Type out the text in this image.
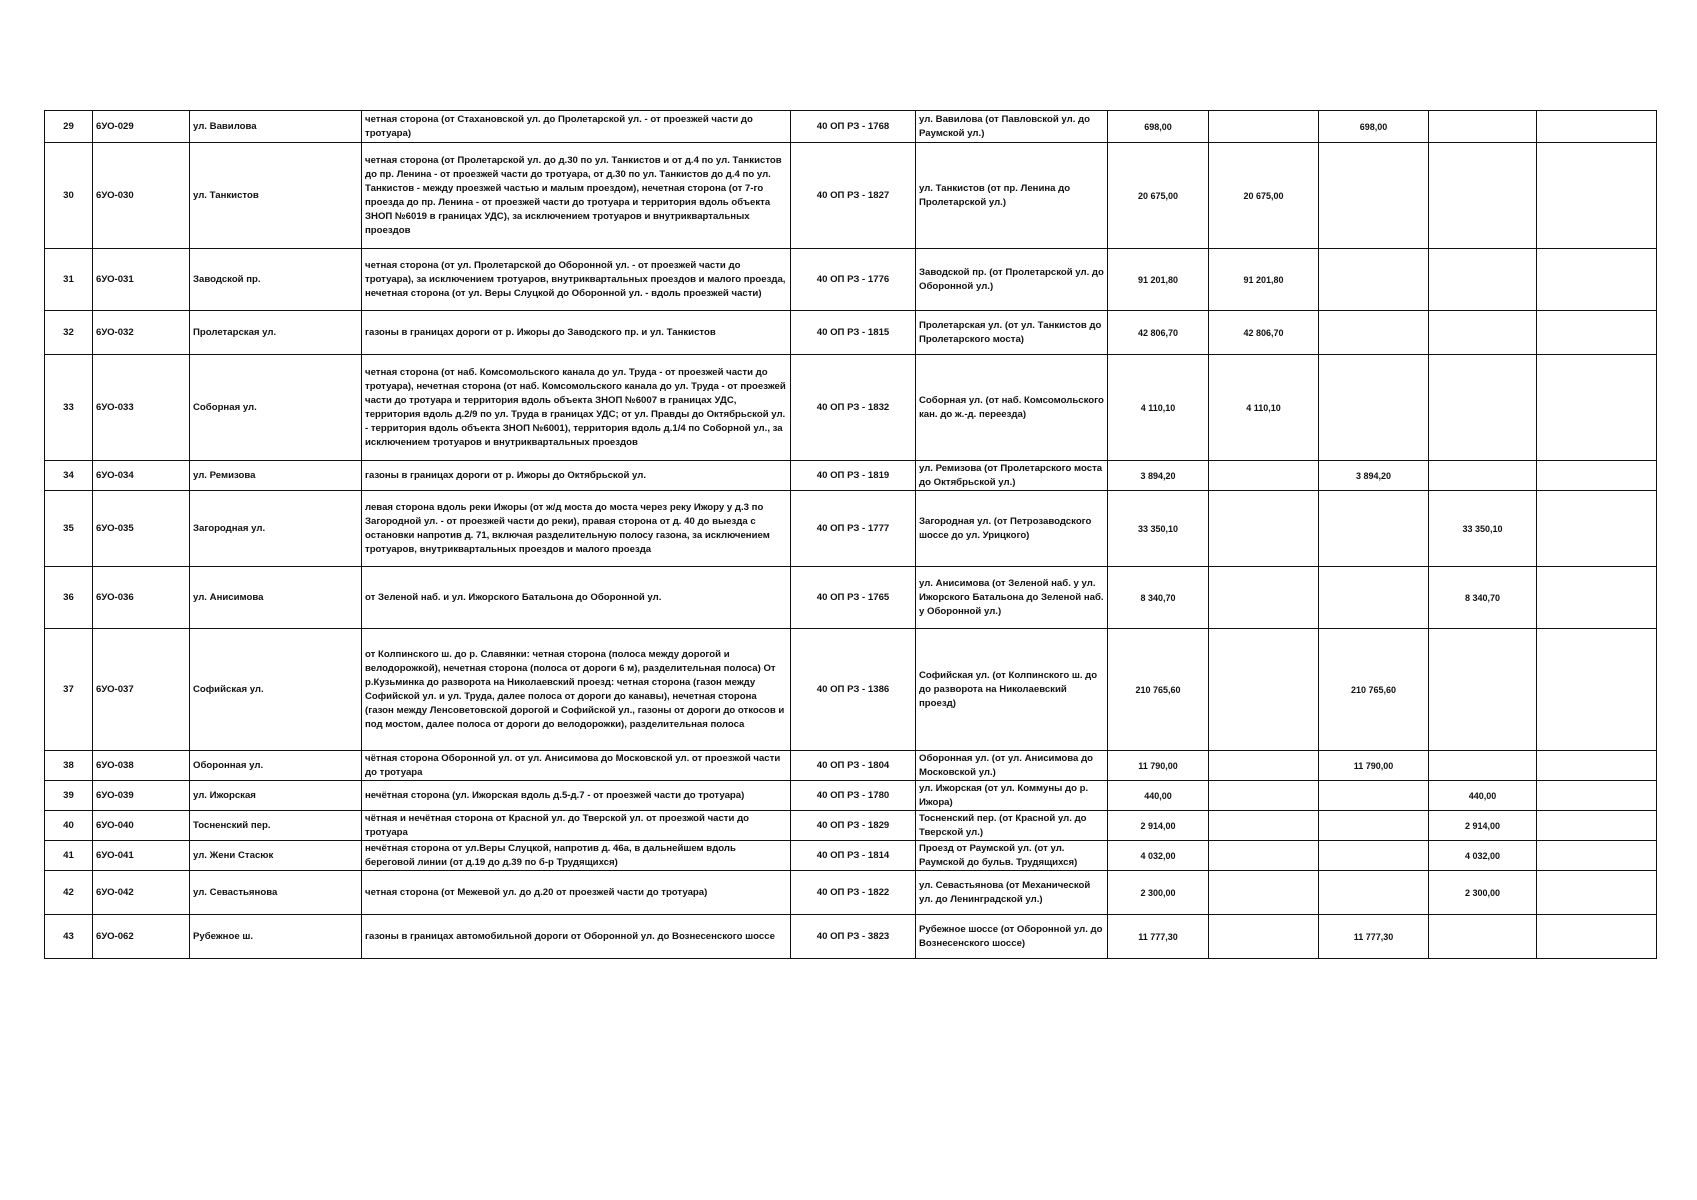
29	6УО-029	ул. Вавилова	четная сторона (от Стахановской ул. до Пролетарской ул. - от проезжей части до тротуара)	40 ОП РЗ - 1768	ул. Вавилова (от Павловской ул. до Раумской ул.)	698,00		698,00		
30	6УО-030	ул. Танкистов	четная сторона (от Пролетарской ул. до д.30 по ул. Танкистов и от д.4 по ул. Танкистов до пр. Ленина - от проезжей части до тротуара, от д.30 по ул. Танкистов до д.4 по ул. Танкистов - между проезжей частью и малым проездом), нечетная сторона (от 7-го проезда до пр. Ленина - от проезжей части до тротуара и территория вдоль объекта ЗНОП №6019 в границах УДС), за исключением тротуаров и внутриквартальных проездов	40 ОП РЗ - 1827	ул. Танкистов (от пр. Ленина до Пролетарской ул.)	20 675,00	20 675,00			
31	6УО-031	Заводской пр.	четная сторона (от ул. Пролетарской до Оборонной ул. - от проезжей части до тротуара), за исключением тротуаров, внутриквартальных проездов и малого проезда, нечетная сторона (от ул. Веры Слуцкой до Оборонной ул. - вдоль проезжей части)	40 ОП РЗ - 1776	Заводской пр. (от Пролетарской ул. до Оборонной ул.)	91 201,80	91 201,80			
32	6УО-032	Пролетарская ул.	газоны в границах дороги от р. Ижоры до Заводского пр. и ул. Танкистов	40 ОП РЗ - 1815	Пролетарская ул. (от ул. Танкистов до Пролетарского моста)	42 806,70	42 806,70			
33	6УО-033	Соборная ул.	четная сторона (от наб. Комсомольского канала до ул. Труда - от проезжей части до тротуара), нечетная сторона (от наб. Комсомольского канала до ул. Труда - от проезжей части до тротуара и территория вдоль объекта ЗНОП №6007 в границах УДС, территория вдоль д.2/9 по ул. Труда в границах УДС; от ул. Правды до Октябрьской ул. - территория вдоль объекта ЗНОП №6001), территория вдоль д.1/4 по Соборной ул., за исключением тротуаров и внутриквартальных проездов	40 ОП РЗ - 1832	Соборная ул. (от наб. Комсомольского кан. до ж.-д. переезда)	4 110,10	4 110,10			
34	6УО-034	ул. Ремизова	газоны в границах дороги от р. Ижоры до Октябрьской ул.	40 ОП РЗ - 1819	ул. Ремизова (от Пролетарского моста до Октябрьской ул.)	3 894,20		3 894,20		
35	6УО-035	Загородная ул.	левая сторона вдоль реки Ижоры (от ж/д моста до моста через реку Ижору у д.3 по Загородной ул. - от проезжей части до реки), правая сторона от д. 40 до выезда с остановки напротив д. 71, включая разделительную полосу газона, за исключением тротуаров, внутриквартальных проездов и малого проезда	40 ОП РЗ - 1777	Загородная ул. (от Петрозаводского шоссе до ул. Урицкого)	33 350,10			33 350,10	
36	6УО-036	ул. Анисимова	от Зеленой наб. и ул. Ижорского Батальона до Оборонной ул.	40 ОП РЗ - 1765	ул. Анисимова (от Зеленой наб. у ул. Ижорского Батальона до Зеленой наб. у Оборонной ул.)	8 340,70			8 340,70	
37	6УО-037	Софийская ул.	от Колпинского ш. до р. Славянки: четная сторона (полоса между дорогой и велодорожкой), нечетная сторона (полоса от дороги 6 м), разделительная полоса) От р.Кузьминка до разворота на Николаевский проезд: четная сторона (газон между Софийской ул. и ул. Труда, далее полоса от дороги до канавы), нечетная сторона (газон между Ленсоветовской дорогой и Софийской ул., газоны от дороги до откосов и под мостом, далее полоса от дороги до велодорожки), разделительная полоса	40 ОП РЗ - 1386	Софийская ул. (от Колпинского ш. до до разворота на Николаевский проезд)	210 765,60		210 765,60		
38	6УО-038	Оборонная ул.	чётная сторона Оборонной ул. от ул. Анисимова до Московской ул. от проезжой части до тротуара	40 ОП РЗ - 1804	Оборонная ул. (от ул. Анисимова до Московской ул.)	11 790,00		11 790,00		
39	6УО-039	ул. Ижорская	нечётная сторона (ул. Ижорская вдоль д.5-д.7 - от проезжей части до тротуара)	40 ОП РЗ - 1780	ул. Ижорская (от ул. Коммуны до р. Ижора)	440,00			440,00	
40	6УО-040	Тосненский пер.	чётная и нечётная сторона от Красной ул. до Тверской ул. от проезжой части до тротуара	40 ОП РЗ - 1829	Тосненский пер. (от Красной ул. до Тверской ул.)	2 914,00			2 914,00	
41	6УО-041	ул. Жени Стасюк	нечётная сторона от ул.Веры Слуцкой, напротив д. 46а, в дальнейшем вдоль береговой линии (от д.19 до д.39 по б-р Трудящихся)	40 ОП РЗ - 1814	Проезд от Раумской ул. (от ул. Раумской до бульв. Трудящихся)	4 032,00			4 032,00	
42	6УО-042	ул. Севастьянова	четная сторона (от Межевой ул. до д.20 от проезжей части до тротуара)	40 ОП РЗ - 1822	ул. Севастьянова (от Механической ул. до Ленинградской ул.)	2 300,00			2 300,00	
43	6УО-062	Рубежное ш.	газоны в границах автомобильной дороги от Оборонной ул. до Вознесенского шоссе	40 ОП РЗ - 3823	Рубежное шоссе (от Оборонной ул. до Вознесенского шоссе)	11 777,30		11 777,30		
